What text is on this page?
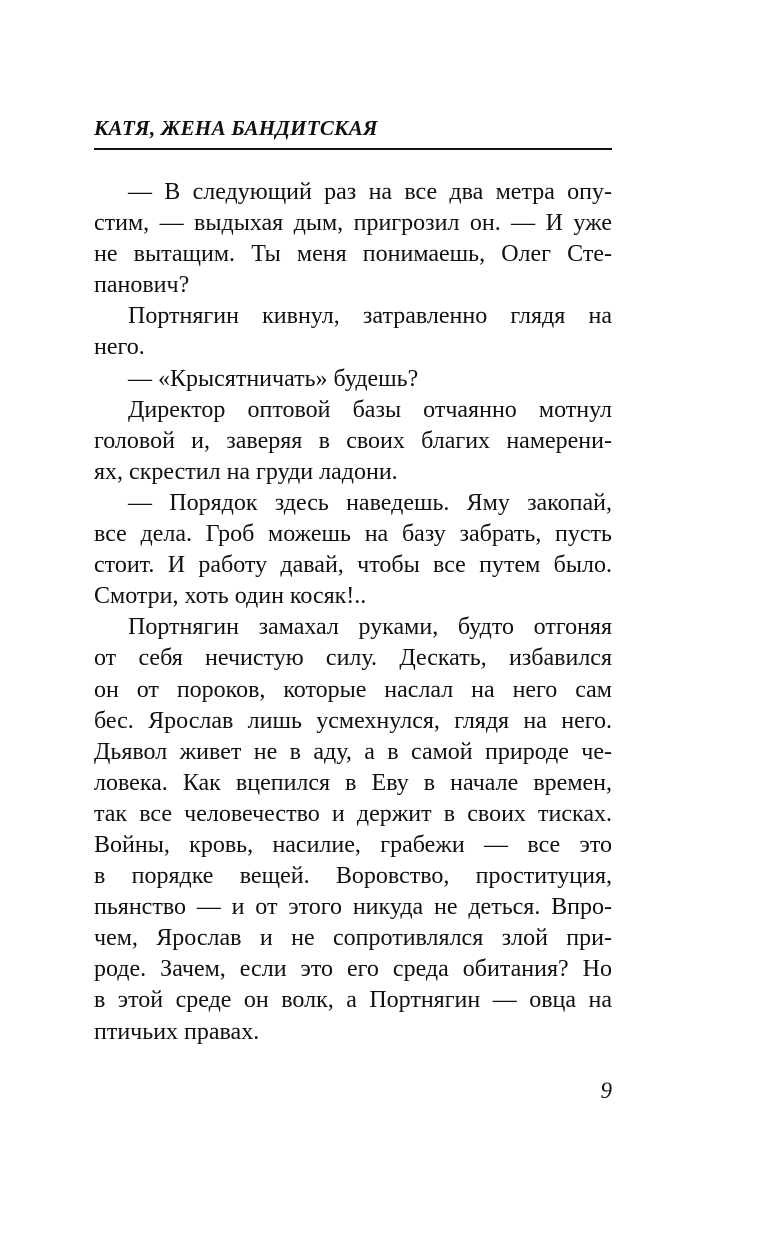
КАТЯ, ЖЕНА БАНДИТСКАЯ
— В следующий раз на все два метра опу-
стим, — выдыхая дым, пригрозил он. — И уже
не вытащим. Ты меня понимаешь, Олег Сте-
панович?
Портнягин кивнул, затравленно глядя на
него.
— «Крысятничать» будешь?
Директор оптовой базы отчаянно мотнул
головой и, заверяя в своих благих намерени-
ях, скрестил на груди ладони.
— Порядок здесь наведешь. Яму закопай,
все дела. Гроб можешь на базу забрать, пусть
стоит. И работу давай, чтобы все путем было.
Смотри, хоть один косяк!..
Портнягин замахал руками, будто отгоняя
от себя нечистую силу. Дескать, избавился
он от пороков, которые наслал на него сам
бес. Ярослав лишь усмехнулся, глядя на него.
Дьявол живет не в аду, а в самой природе че-
ловека. Как вцепился в Еву в начале времен,
так все человечество и держит в своих тисках.
Войны, кровь, насилие, грабежи — все это
в порядке вещей. Воровство, проституция,
пьянство — и от этого никуда не деться. Впро-
чем, Ярослав и не сопротивлялся злой при-
роде. Зачем, если это его среда обитания? Но
в этой среде он волк, а Портнягин — овца на
птичьих правах.
9
